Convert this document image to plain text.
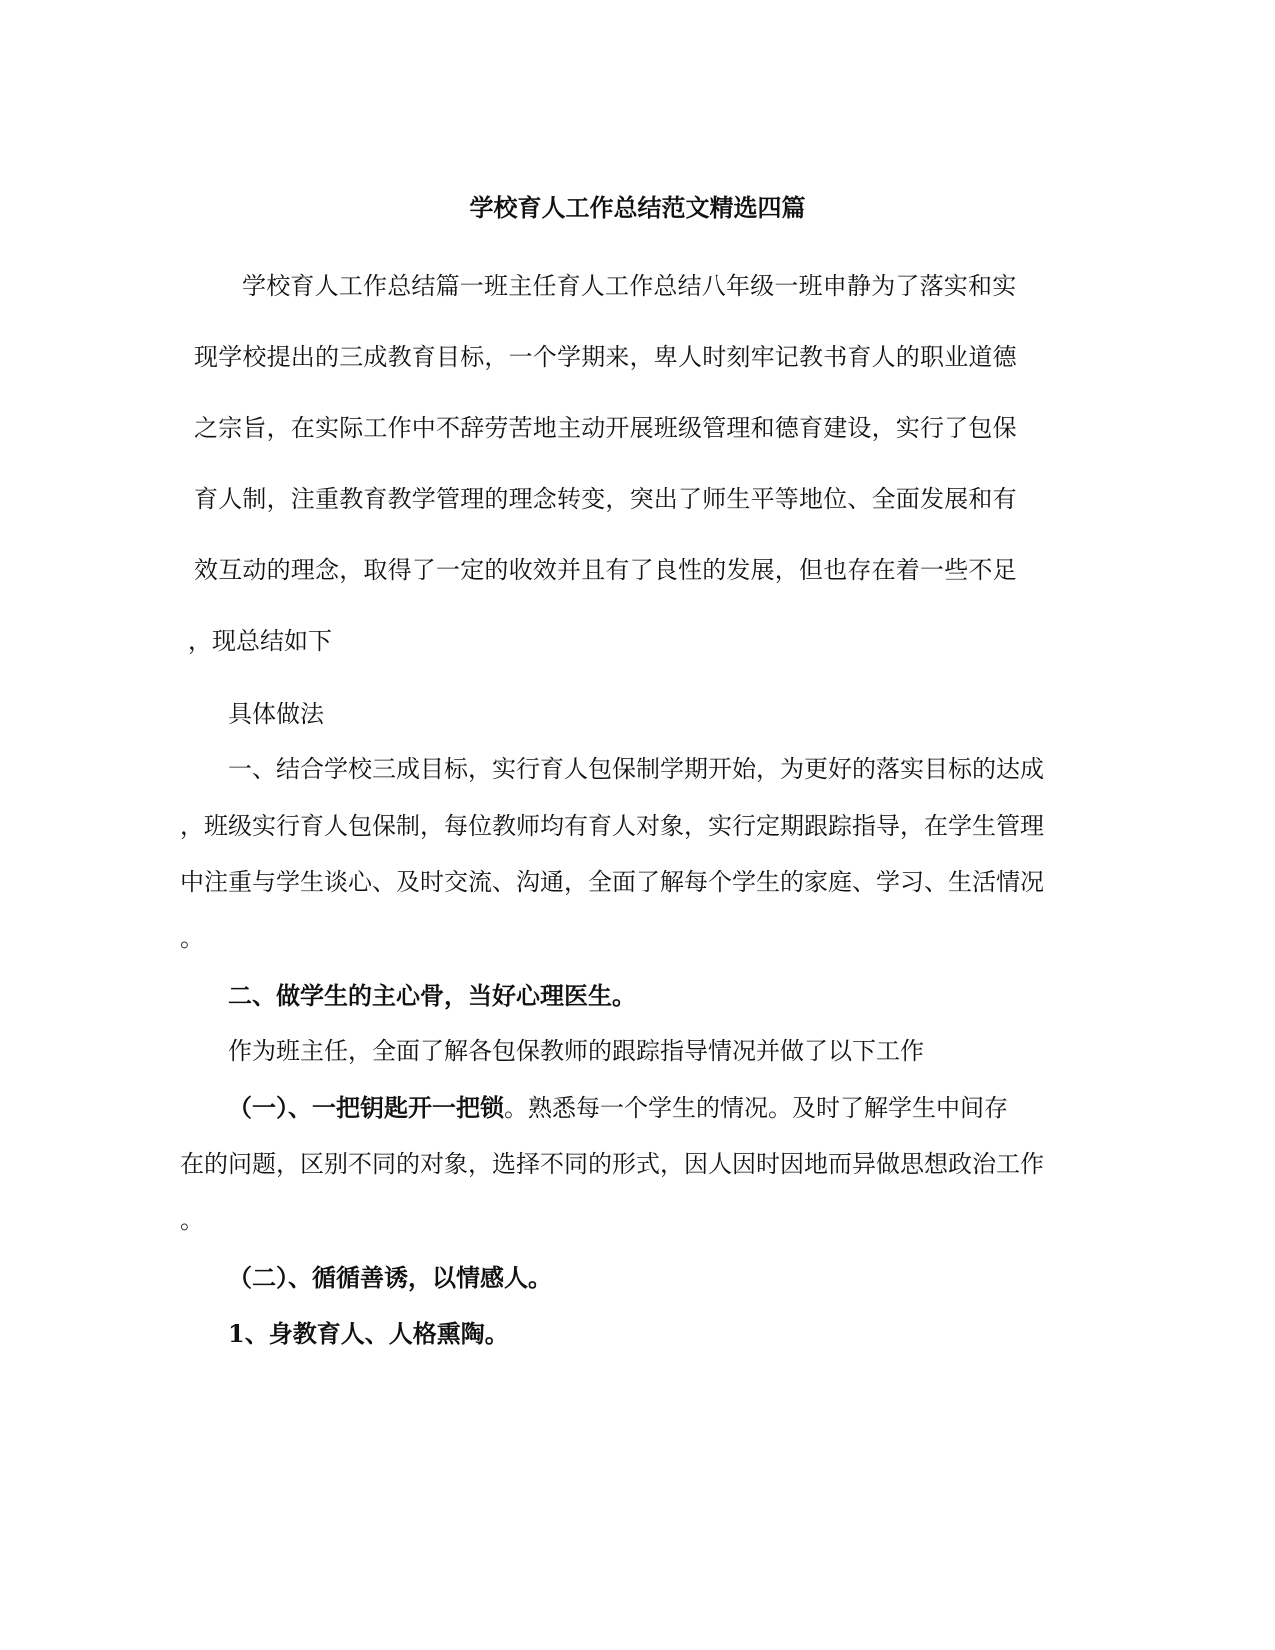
学校育人工作总结范文精选四篇

学校育人工作总结篇一班主任育人工作总结八年级一班申静为了落实和实

现学校提出的三成教育目标，一个学期来，卑人时刻牢记教书育人的职业道德

之宗旨，在实际工作中不辞劳苦地主动开展班级管理和德育建设，实行了包保

育人制，注重教育教学管理的理念转变，突出了师生平等地位、全面发展和有

效互动的理念，取得了一定的收效并且有了良性的发展，但也存在着一些不足

，现总结如下

具体做法

一、结合学校三成目标，实行育人包保制学期开始，为更好的落实目标的达成

，班级实行育人包保制，每位教师均有育人对象，实行定期跟踪指导，在学生管理

中注重与学生谈心、及时交流、沟通，全面了解每个学生的家庭、学习、生活情况

。

二、做学生的主心骨，当好心理医生。

作为班主任，全面了解各包保教师的跟踪指导情况并做了以下工作

（一）、一把钥匙开一把锁。熟悉每一个学生的情况。及时了解学生中间存

在的问题，区别不同的对象，选择不同的形式，因人因时因地而异做思想政治工作

。

（二）、循循善诱，以情感人。

1、身教育人、人格熏陶。
